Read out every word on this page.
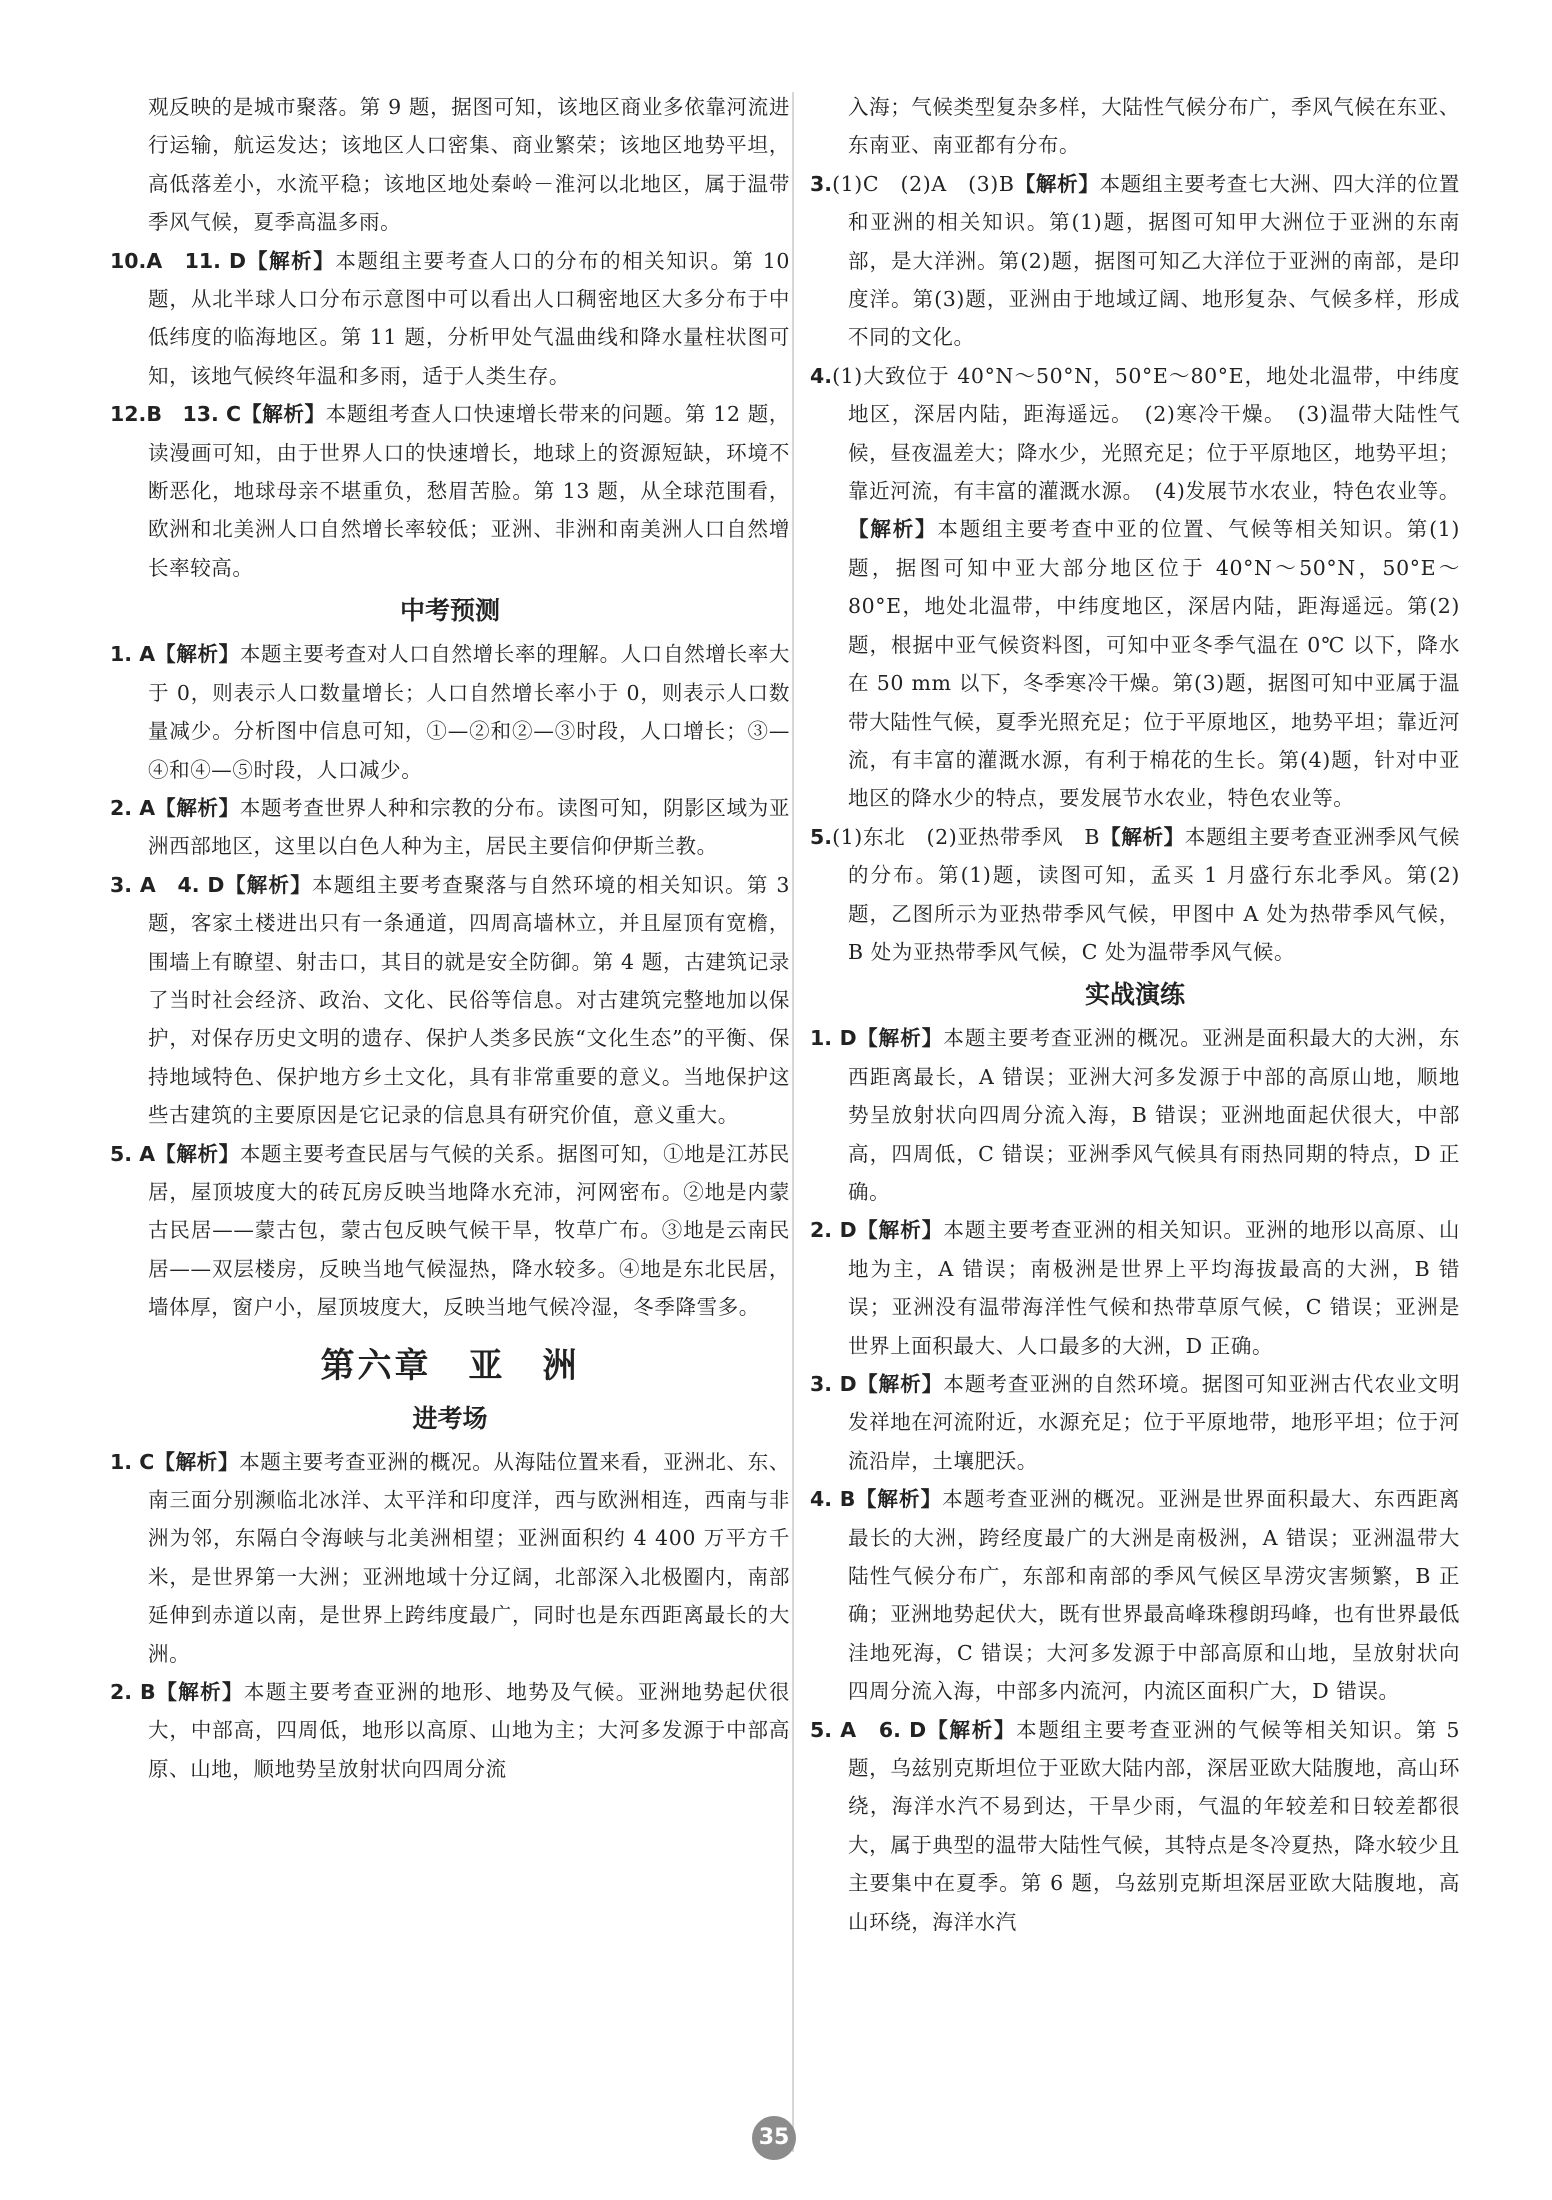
观反映的是城市聚落。第 9 题，据图可知，该地区商业多依靠河流进行运输，航运发达；该地区人口密集、商业繁荣；该地区地势平坦，高低落差小，水流平稳；该地区地处秦岭－淮河以北地区，属于温带季风气候，夏季高温多雨。

10.A　11. D【解析】本题组主要考查人口的分布的相关知识。第 10 题，从北半球人口分布示意图中可以看出人口稠密地区大多分布于中低纬度的临海地区。第 11 题，分析甲处气温曲线和降水量柱状图可知，该地气候终年温和多雨，适于人类生存。
12.B　13. C【解析】本题组考查人口快速增长带来的问题。第 12 题，读漫画可知，由于世界人口的快速增长，地球上的资源短缺，环境不断恶化，地球母亲不堪重负，愁眉苦脸。第 13 题，从全球范围看，欧洲和北美洲人口自然增长率较低；亚洲、非洲和南美洲人口自然增长率较高。
中考预测
1. A【解析】本题主要考查对人口自然增长率的理解。人口自然增长率大于 0，则表示人口数量增长；人口自然增长率小于 0，则表示人口数量减少。分析图中信息可知，①—②和②—③时段，人口增长；③—④和④—⑤时段，人口减少。
2. A【解析】本题考查世界人种和宗教的分布。读图可知，阴影区域为亚洲西部地区，这里以白色人种为主，居民主要信仰伊斯兰教。
3. A　4. D【解析】本题组主要考查聚落与自然环境的相关知识。第 3 题，客家土楼进出只有一条通道，四周高墙林立，并且屋顶有宽檐，围墙上有瞭望、射击口，其目的就是安全防御。第 4 题，古建筑记录了当时社会经济、政治、文化、民俗等信息。对古建筑完整地加以保护，对保存历史文明的遗存、保护人类多民族“文化生态”的平衡、保持地域特色、保护地方乡土文化，具有非常重要的意义。当地保护这些古建筑的主要原因是它记录的信息具有研究价值，意义重大。
5. A【解析】本题主要考查民居与气候的关系。据图可知，①地是江苏民居，屋顶坡度大的砖瓦房反映当地降水充沛，河网密布。②地是内蒙古民居——蒙古包，蒙古包反映气候干旱，牧草广布。③地是云南民居——双层楼房，反映当地气候湿热，降水较多。④地是东北民居，墙体厚，窗户小，屋顶坡度大，反映当地气候冷湿，冬季降雪多。
第六章　亚　洲
进考场
1. C【解析】本题主要考查亚洲的概况。从海陆位置来看，亚洲北、东、南三面分别濒临北冰洋、太平洋和印度洋，西与欧洲相连，西南与非洲为邻，东隔白令海峡与北美洲相望；亚洲面积约 4 400 万平方千米，是世界第一大洲；亚洲地域十分辽阔，北部深入北极圈内，南部延伸到赤道以南，是世界上跨纬度最广，同时也是东西距离最长的大洲。
2. B【解析】本题主要考查亚洲的地形、地势及气候。亚洲地势起伏很大，中部高，四周低，地形以高原、山地为主；大河多发源于中部高原、山地，顺地势呈放射状向四周分流

入海；气候类型复杂多样，大陆性气候分布广，季风气候在东亚、东南亚、南亚都有分布。

3.(1)C　(2)A　(3)B【解析】本题组主要考查七大洲、四大洋的位置和亚洲的相关知识。第(1)题，据图可知甲大洲位于亚洲的东南部，是大洋洲。第(2)题，据图可知乙大洋位于亚洲的南部，是印度洋。第(3)题，亚洲由于地域辽阔、地形复杂、气候多样，形成不同的文化。
4.(1)大致位于 40°N～50°N，50°E～80°E，地处北温带，中纬度地区，深居内陆，距海遥远。　(2)寒冷干燥。　(3)温带大陆性气候，昼夜温差大；降水少，光照充足；位于平原地区，地势平坦；靠近河流，有丰富的灌溉水源。　(4)发展节水农业，特色农业等。【解析】本题组主要考查中亚的位置、气候等相关知识。第(1)题，据图可知中亚大部分地区位于 40°N～50°N，50°E～80°E，地处北温带，中纬度地区，深居内陆，距海遥远。第(2)题，根据中亚气候资料图，可知中亚冬季气温在 0℃ 以下，降水在 50 mm 以下，冬季寒冷干燥。第(3)题，据图可知中亚属于温带大陆性气候，夏季光照充足；位于平原地区，地势平坦；靠近河流，有丰富的灌溉水源，有利于棉花的生长。第(4)题，针对中亚地区的降水少的特点，要发展节水农业，特色农业等。
5.(1)东北　(2)亚热带季风　B【解析】本题组主要考查亚洲季风气候的分布。第(1)题，读图可知，孟买 1 月盛行东北季风。第(2)题，乙图所示为亚热带季风气候，甲图中 A 处为热带季风气候，B 处为亚热带季风气候，C 处为温带季风气候。
实战演练
1. D【解析】本题主要考查亚洲的概况。亚洲是面积最大的大洲，东西距离最长，A 错误；亚洲大河多发源于中部的高原山地，顺地势呈放射状向四周分流入海，B 错误；亚洲地面起伏很大，中部高，四周低，C 错误；亚洲季风气候具有雨热同期的特点，D 正确。
2. D【解析】本题主要考查亚洲的相关知识。亚洲的地形以高原、山地为主，A 错误；南极洲是世界上平均海拔最高的大洲，B 错误；亚洲没有温带海洋性气候和热带草原气候，C 错误；亚洲是世界上面积最大、人口最多的大洲，D 正确。
3. D【解析】本题考查亚洲的自然环境。据图可知亚洲古代农业文明发祥地在河流附近，水源充足；位于平原地带，地形平坦；位于河流沿岸，土壤肥沃。
4. B【解析】本题考查亚洲的概况。亚洲是世界面积最大、东西距离最长的大洲，跨经度最广的大洲是南极洲，A 错误；亚洲温带大陆性气候分布广，东部和南部的季风气候区旱涝灾害频繁，B 正确；亚洲地势起伏大，既有世界最高峰珠穆朗玛峰，也有世界最低洼地死海，C 错误；大河多发源于中部高原和山地，呈放射状向四周分流入海，中部多内流河，内流区面积广大，D 错误。
5. A　6. D【解析】本题组主要考查亚洲的气候等相关知识。第 5 题，乌兹别克斯坦位于亚欧大陆内部，深居亚欧大陆腹地，高山环绕，海洋水汽不易到达，干旱少雨，气温的年较差和日较差都很大，属于典型的温带大陆性气候，其特点是冬冷夏热，降水较少且主要集中在夏季。第 6 题，乌兹别克斯坦深居亚欧大陆腹地，高山环绕，海洋水汽
35
